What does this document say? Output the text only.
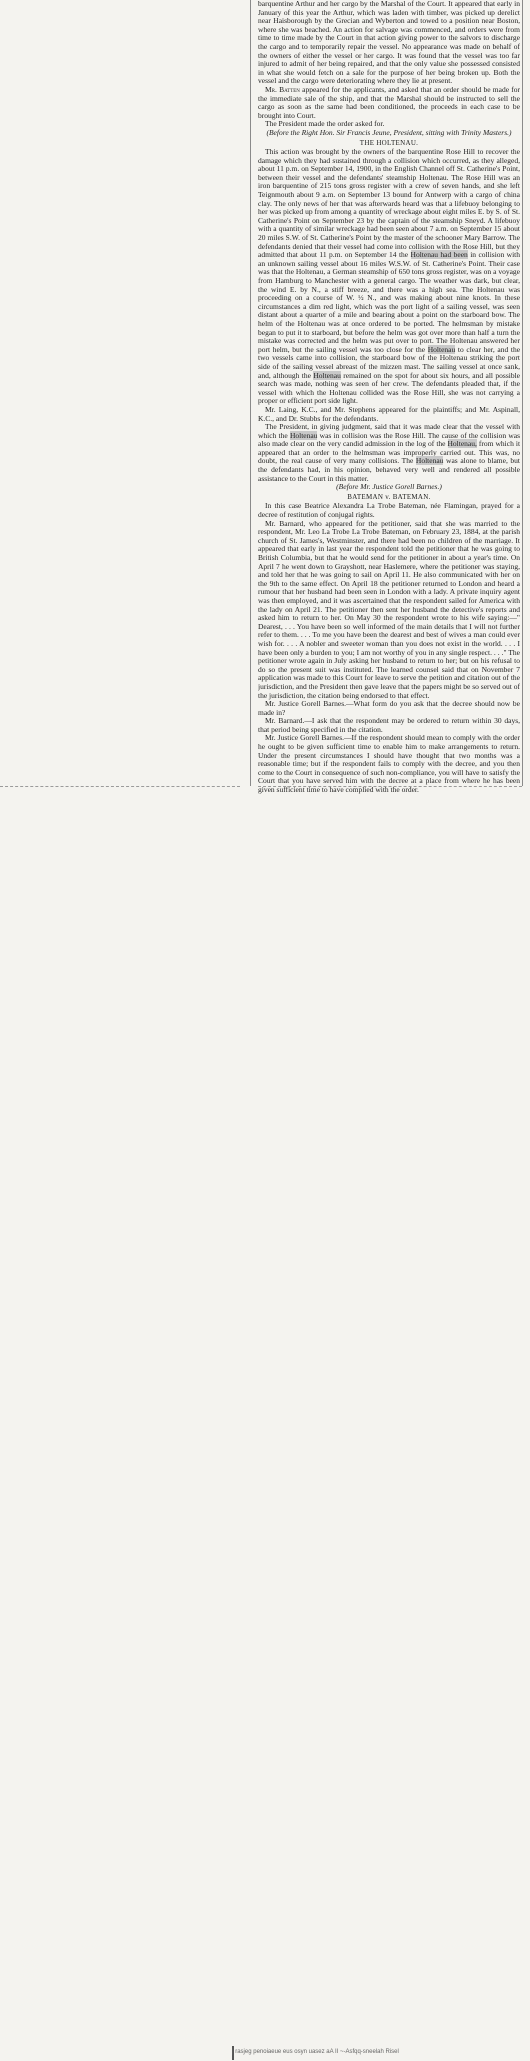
barquentine Arthur and her cargo by the Marshal of the Court. It appeared that early in January of this year the Arthur, which was laden with timber, was picked up derelict near Haisborough by the Grecian and Wyberton and towed to a position near Boston, where she was beached. An action for salvage was commenced, and orders were from time to time made by the Court in that action giving power to the salvors to discharge the cargo and to temporarily repair the vessel. No appearance was made on behalf of the owners of either the vessel or her cargo. It was found that the vessel was too far injured to admit of her being repaired, and that the only value she possessed consisted in what she would fetch on a sale for the purpose of her being broken up. Both the vessel and the cargo were deteriorating where they lie at present.

Mr. Batten appeared for the applicants, and asked that an order should be made for the immediate sale of the ship, and that the Marshal should be instructed to sell the cargo as soon as the same had been conditioned, the proceeds in each case to be brought into Court.

The President made the order asked for.

(Before the Right Hon. Sir Francis Jeune, President, sitting with Trinity Masters.)

THE HOLTENAU.

This action was brought by the owners of the barquentine Rose Hill to recover the damage which they had sustained through a collision which occurred, as they alleged, about 11 p.m. on September 14, 1900, in the English Channel off St. Catherine's Point, between their vessel and the defendants' steamship Holtenau. The Rose Hill was an iron barquentine of 215 tons gross register with a crew of seven hands, and she left Teignmouth about 9 a.m. on September 13 bound for Antwerp with a cargo of china clay. The only news of her that was afterwards heard was that a lifebuoy belonging to her was picked up from among a quantity of wreckage about eight miles E. by S. of St. Catherine's Point on September 23 by the captain of the steamship Sneyd. A lifebuoy with a quantity of similar wreckage had been seen about 7 a.m. on September 15 about 20 miles S.W. of St. Catherine's Point by the master of the schooner Mary Barrow. The defendants denied that their vessel had come into collision with the Rose Hill, but they admitted that about 11 p.m. on September 14 the Holtenau had been in collision with an unknown sailing vessel about 16 miles W.S.W. of St. Catherine's Point. Their case was that the Holtenau, a German steamship of 650 tons gross register, was on a voyage from Hamburg to Manchester with a general cargo. The weather was dark, but clear, the wind E. by N., a stiff breeze, and there was a high sea. The Holtenau was proceeding on a course of W. ½ N., and was making about nine knots. In these circumstances a dim red light, which was the port light of a sailing vessel, was seen distant about a quarter of a mile and bearing about a point on the starboard bow. The helm of the Holtenau was at once ordered to be ported. The helmsman by mistake began to put it to starboard, but before the helm was got over more than half a turn the mistake was corrected and the helm was put over to port. The Holtenau answered her port helm, but the sailing vessel was too close for the Holtenau to clear her, and the two vessels came into collision, the starboard bow of the Holtenau striking the port side of the sailing vessel abreast of the mizzen mast. The sailing vessel at once sank, and, although the Holtenau remained on the spot for about six hours, and all possible search was made, nothing was seen of her crew. The defendants pleaded that, if the vessel with which the Holtenau collided was the Rose Hill, she was not carrying a proper or efficient port side light.

Mr. Laing, K.C., and Mr. Stephens appeared for the plaintiffs; and Mr. Aspinall, K.C., and Dr. Stubbs for the defendants.

The President, in giving judgment, said that it was made clear that the vessel with which the Holtenau was in collision was the Rose Hill. The cause of the collision was also made clear on the very candid admission in the log of the Holtenau, from which it appeared that an order to the helmsman was improperly carried out. This was, no doubt, the real cause of very many collisions. The Holtenau was alone to blame, but the defendants had, in his opinion, behaved very well and rendered all possible assistance to the Court in this matter.

(Before Mr. Justice Gorell Barnes.)

BATEMAN v. BATEMAN.

In this case Beatrice Alexandra La Trobe Bateman, née Flamingan, prayed for a decree of restitution of conjugal rights.

Mr. Barnard, who appeared for the petitioner, said that she was married to the respondent, Mr. Leo La Trobe La Trobe Bateman, on February 23, 1884, at the parish church of St. James's, Westminster, and there had been no children of the marriage. It appeared that early in last year the respondent told the petitioner that he was going to British Columbia, but that he would send for the petitioner in about a year's time. On April 7 he went down to Grayshott, near Haslemere, where the petitioner was staying, and told her that he was going to sail on April 11. He also communicated with her on the 9th to the same effect. On April 18 the petitioner returned to London and heard a rumour that her husband had been seen in London with a lady. A private inquiry agent was then employed, and it was ascertained that the respondent sailed for America with the lady on April 21. The petitioner then sent her husband the detective's reports and asked him to return to her. On May 30 the respondent wrote to his wife saying:—" Dearest, . . . You have been so well informed of the main details that I will not further refer to them. . . . To me you have been the dearest and best of wives a man could ever wish for. . . . A nobler and sweeter woman than you does not exist in the world. . . . I have been only a burden to you; I am not worthy of you in any single respect. . . ." The petitioner wrote again in July asking her husband to return to her; but on his refusal to do so the present suit was instituted. The learned counsel said that on November 7 application was made to this Court for leave to serve the petition and citation out of the jurisdiction, and the President then gave leave that the papers might be so served out of the jurisdiction, the citation being endorsed to that effect.

Mr. Justice Gorell Barnes.—What form do you ask that the decree should now be made in?

Mr. Barnard.—I ask that the respondent may be ordered to return within 30 days, that period being specified in the citation.

Mr. Justice Gorell Barnes.—If the respondent should mean to comply with the order he ought to be given sufficient time to enable him to make arrangements to return. Under the present circumstances I should have thought that two months was a reasonable time; but if the respondent fails to comply with the decree, and you then come to the Court in consequence of such non-compliance, you will have to satisfy the Court that you have served him with the decree at a place from where he has been given sufficient time to have complied with the order.

| rasjeg penoiaeue eus osyn uasez aA II ~-Asfqq-sneelah Risel
